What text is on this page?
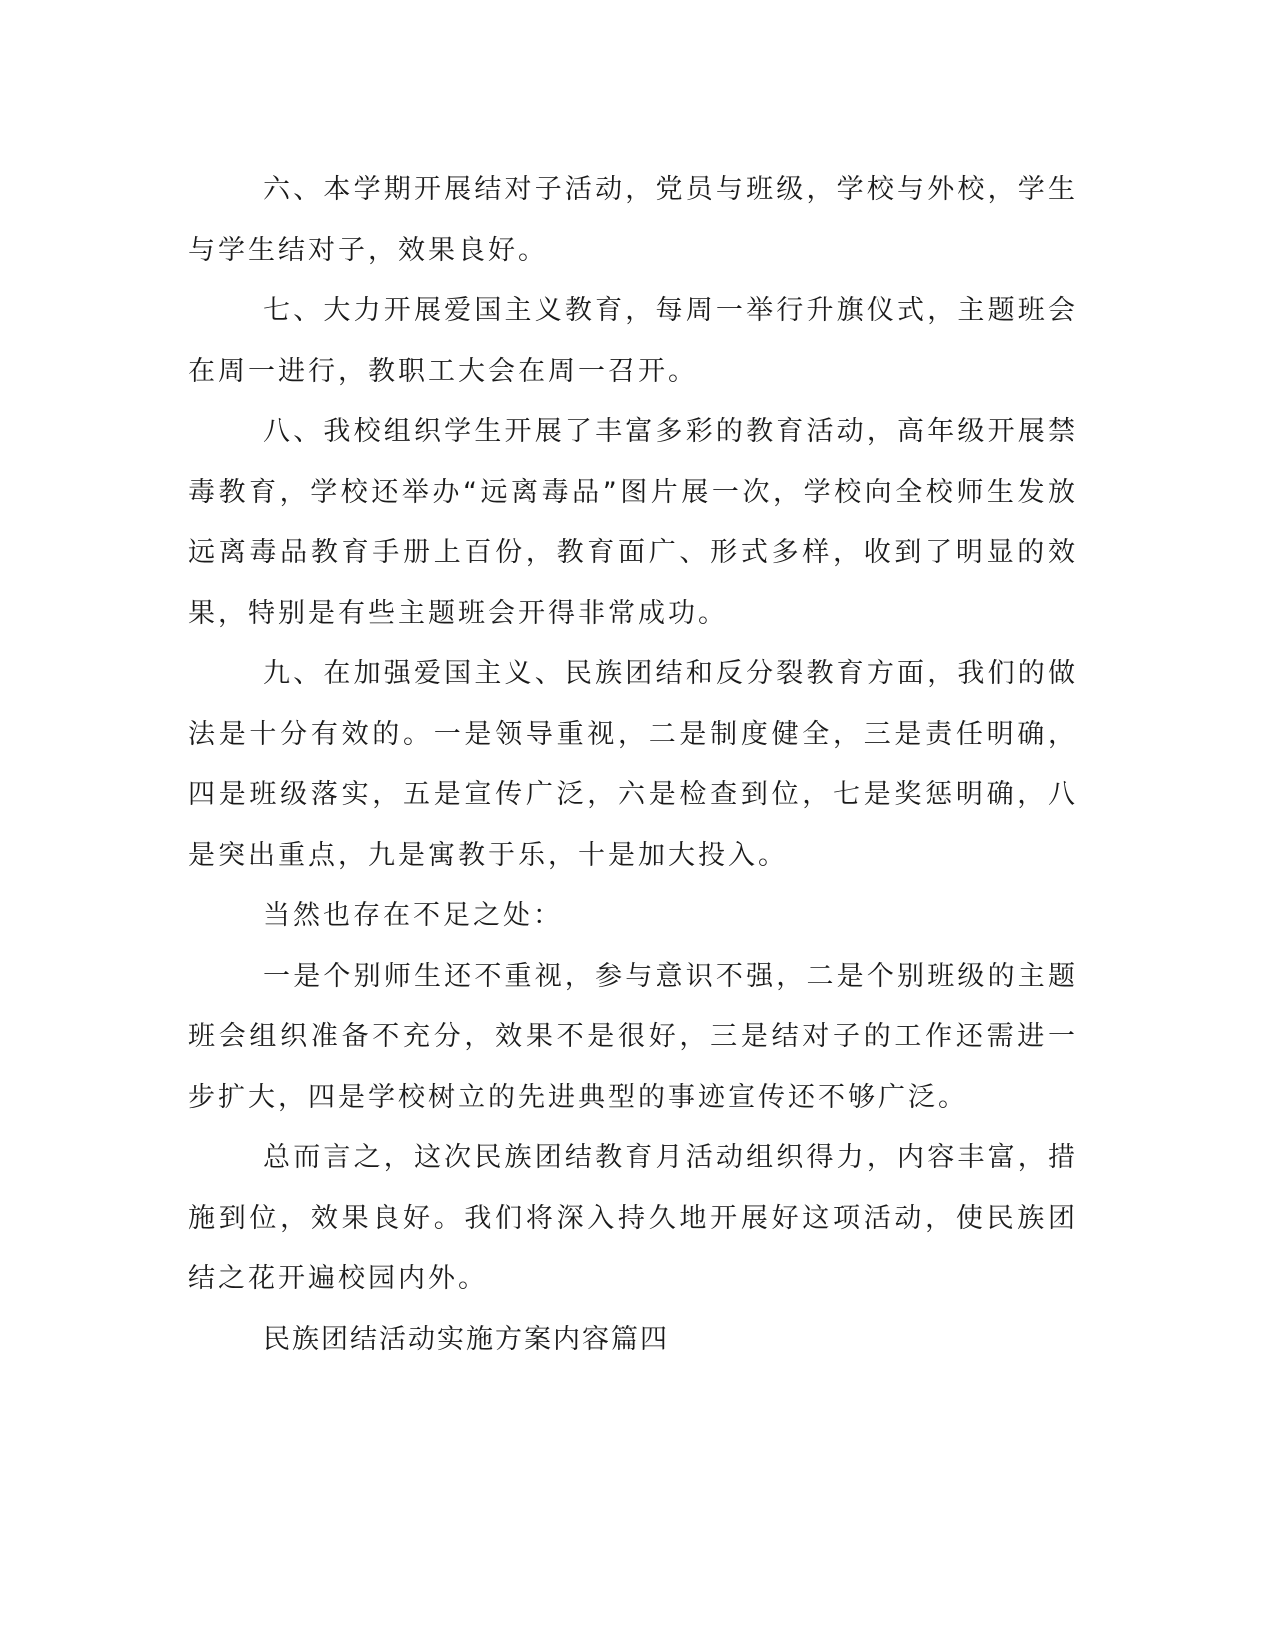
六、本学期开展结对子活动，党员与班级，学校与外校，学生与学生结对子，效果良好。

七、大力开展爱国主义教育，每周一举行升旗仪式，主题班会在周一进行，教职工大会在周一召开。

八、我校组织学生开展了丰富多彩的教育活动，高年级开展禁毒教育，学校还举办“远离毒品”图片展一次，学校向全校师生发放远离毒品教育手册上百份，教育面广、形式多样，收到了明显的效果，特别是有些主题班会开得非常成功。

九、在加强爱国主义、民族团结和反分裂教育方面，我们的做法是十分有效的。一是领导重视，二是制度健全，三是责任明确，四是班级落实，五是宣传广泛，六是检查到位，七是奖惩明确，八是突出重点，九是寓教于乐，十是加大投入。

当然也存在不足之处：

一是个别师生还不重视，参与意识不强，二是个别班级的主题班会组织准备不充分，效果不是很好，三是结对子的工作还需进一步扩大，四是学校树立的先进典型的事迹宣传还不够广泛。

总而言之，这次民族团结教育月活动组织得力，内容丰富，措施到位，效果良好。我们将深入持久地开展好这项活动，使民族团结之花开遍校园内外。

民族团结活动实施方案内容篇四
